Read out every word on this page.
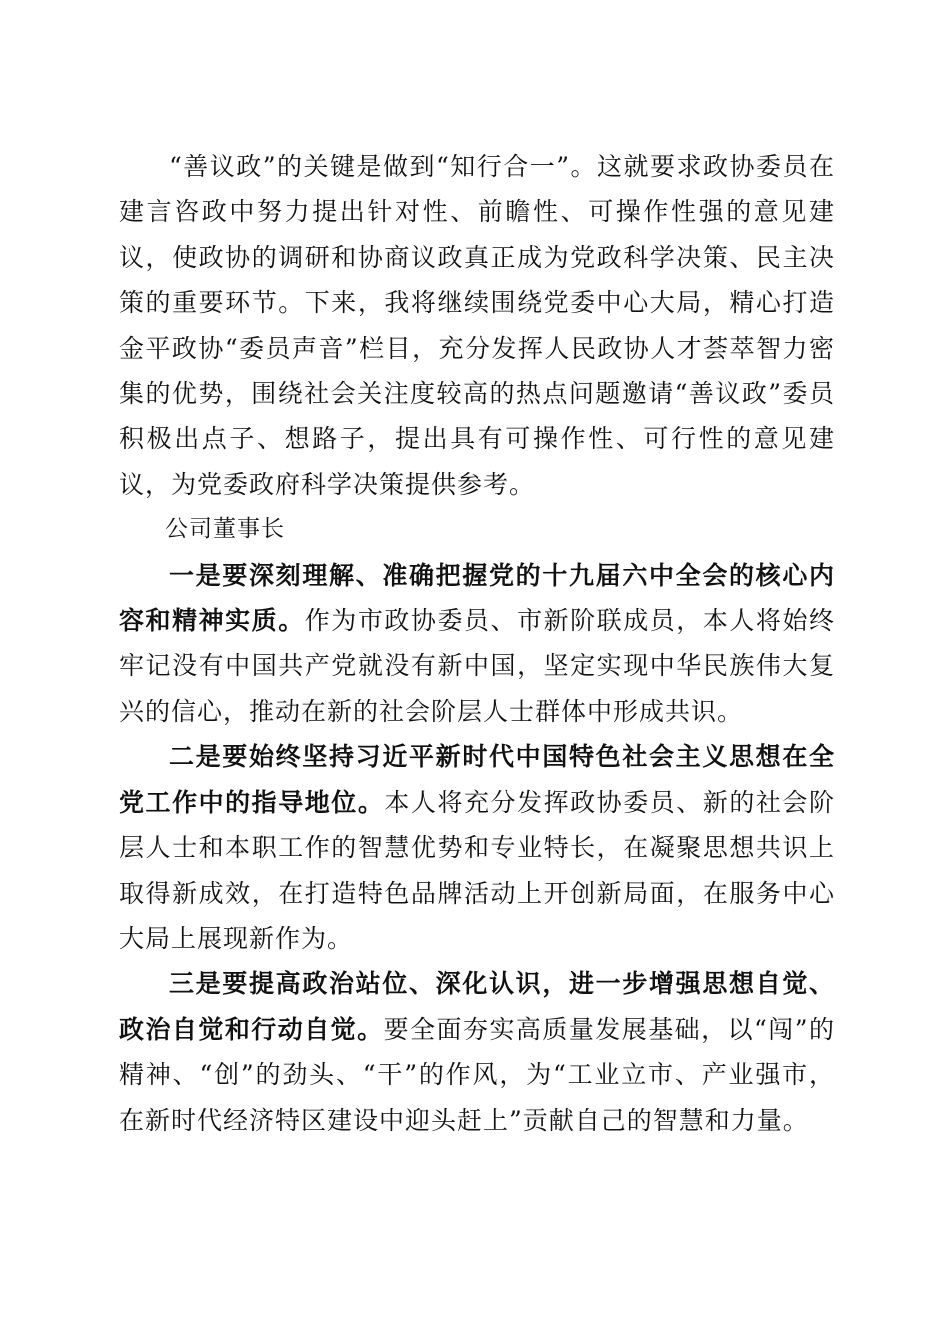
“善议政”的关键是做到“知行合一”。这就要求政协委员在建言咨政中努力提出针对性、前瞻性、可操作性强的意见建议，使政协的调研和协商议政真正成为党政科学决策、民主决策的重要环节。下来，我将继续围绕党委中心大局，精心打造金平政协“委员声音”栏目，充分发挥人民政协人才荟萃智力密集的优势，围绕社会关注度较高的热点问题邀请“善议政”委员积极出点子、想路子，提出具有可操作性、可行性的意见建议，为党委政府科学决策提供参考。

公司董事长

一是要深刻理解、准确把握党的十九届六中全会的核心内容和精神实质。作为市政协委员、市新阶联成员，本人将始终牢记没有中国共产党就没有新中国，坚定实现中华民族伟大复兴的信心，推动在新的社会阶层人士群体中形成共识。

二是要始终坚持习近平新时代中国特色社会主义思想在全党工作中的指导地位。本人将充分发挥政协委员、新的社会阶层人士和本职工作的智慧优势和专业特长，在凝聚思想共识上取得新成效，在打造特色品牌活动上开创新局面，在服务中心大局上展现新作为。

三是要提高政治站位、深化认识，进一步增强思想自觉、政治自觉和行动自觉。要全面夯实高质量发展基础，以“闯”的精神、“创”的劲头、“干”的作风，为“工业立市、产业强市，在新时代经济特区建设中迎头赶上”贡献自己的智慧和力量。
